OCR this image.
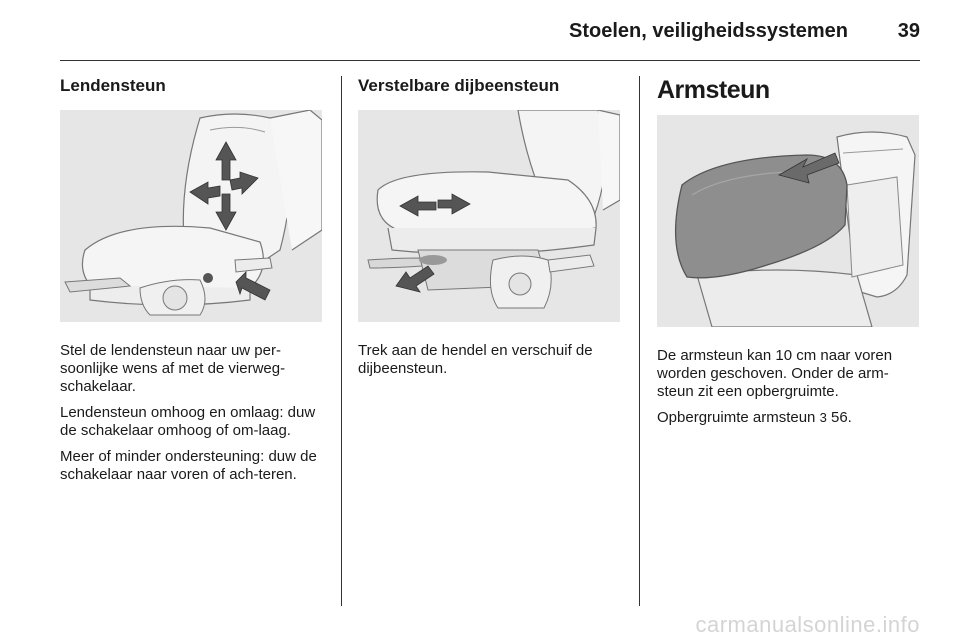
Stoelen, veiligheidssystemen 39
Lendensteun

Stel de lendensteun naar uw per-soonlijke wens af met de vierweg-schakelaar.

Lendensteun omhoog en omlaag: duw de schakelaar omhoog of om-laag.

Meer of minder ondersteuning: duw de schakelaar naar voren of ach-teren.

Verstelbare dijbeensteun

Trek aan de hendel en verschuif de dijbeensteun.

Armsteun

De armsteun kan 10 cm naar voren worden geschoven. Onder de arm-steun zit een opbergruimte.

Opbergruimte armsteun 3 56.

carmanualsonline.info
